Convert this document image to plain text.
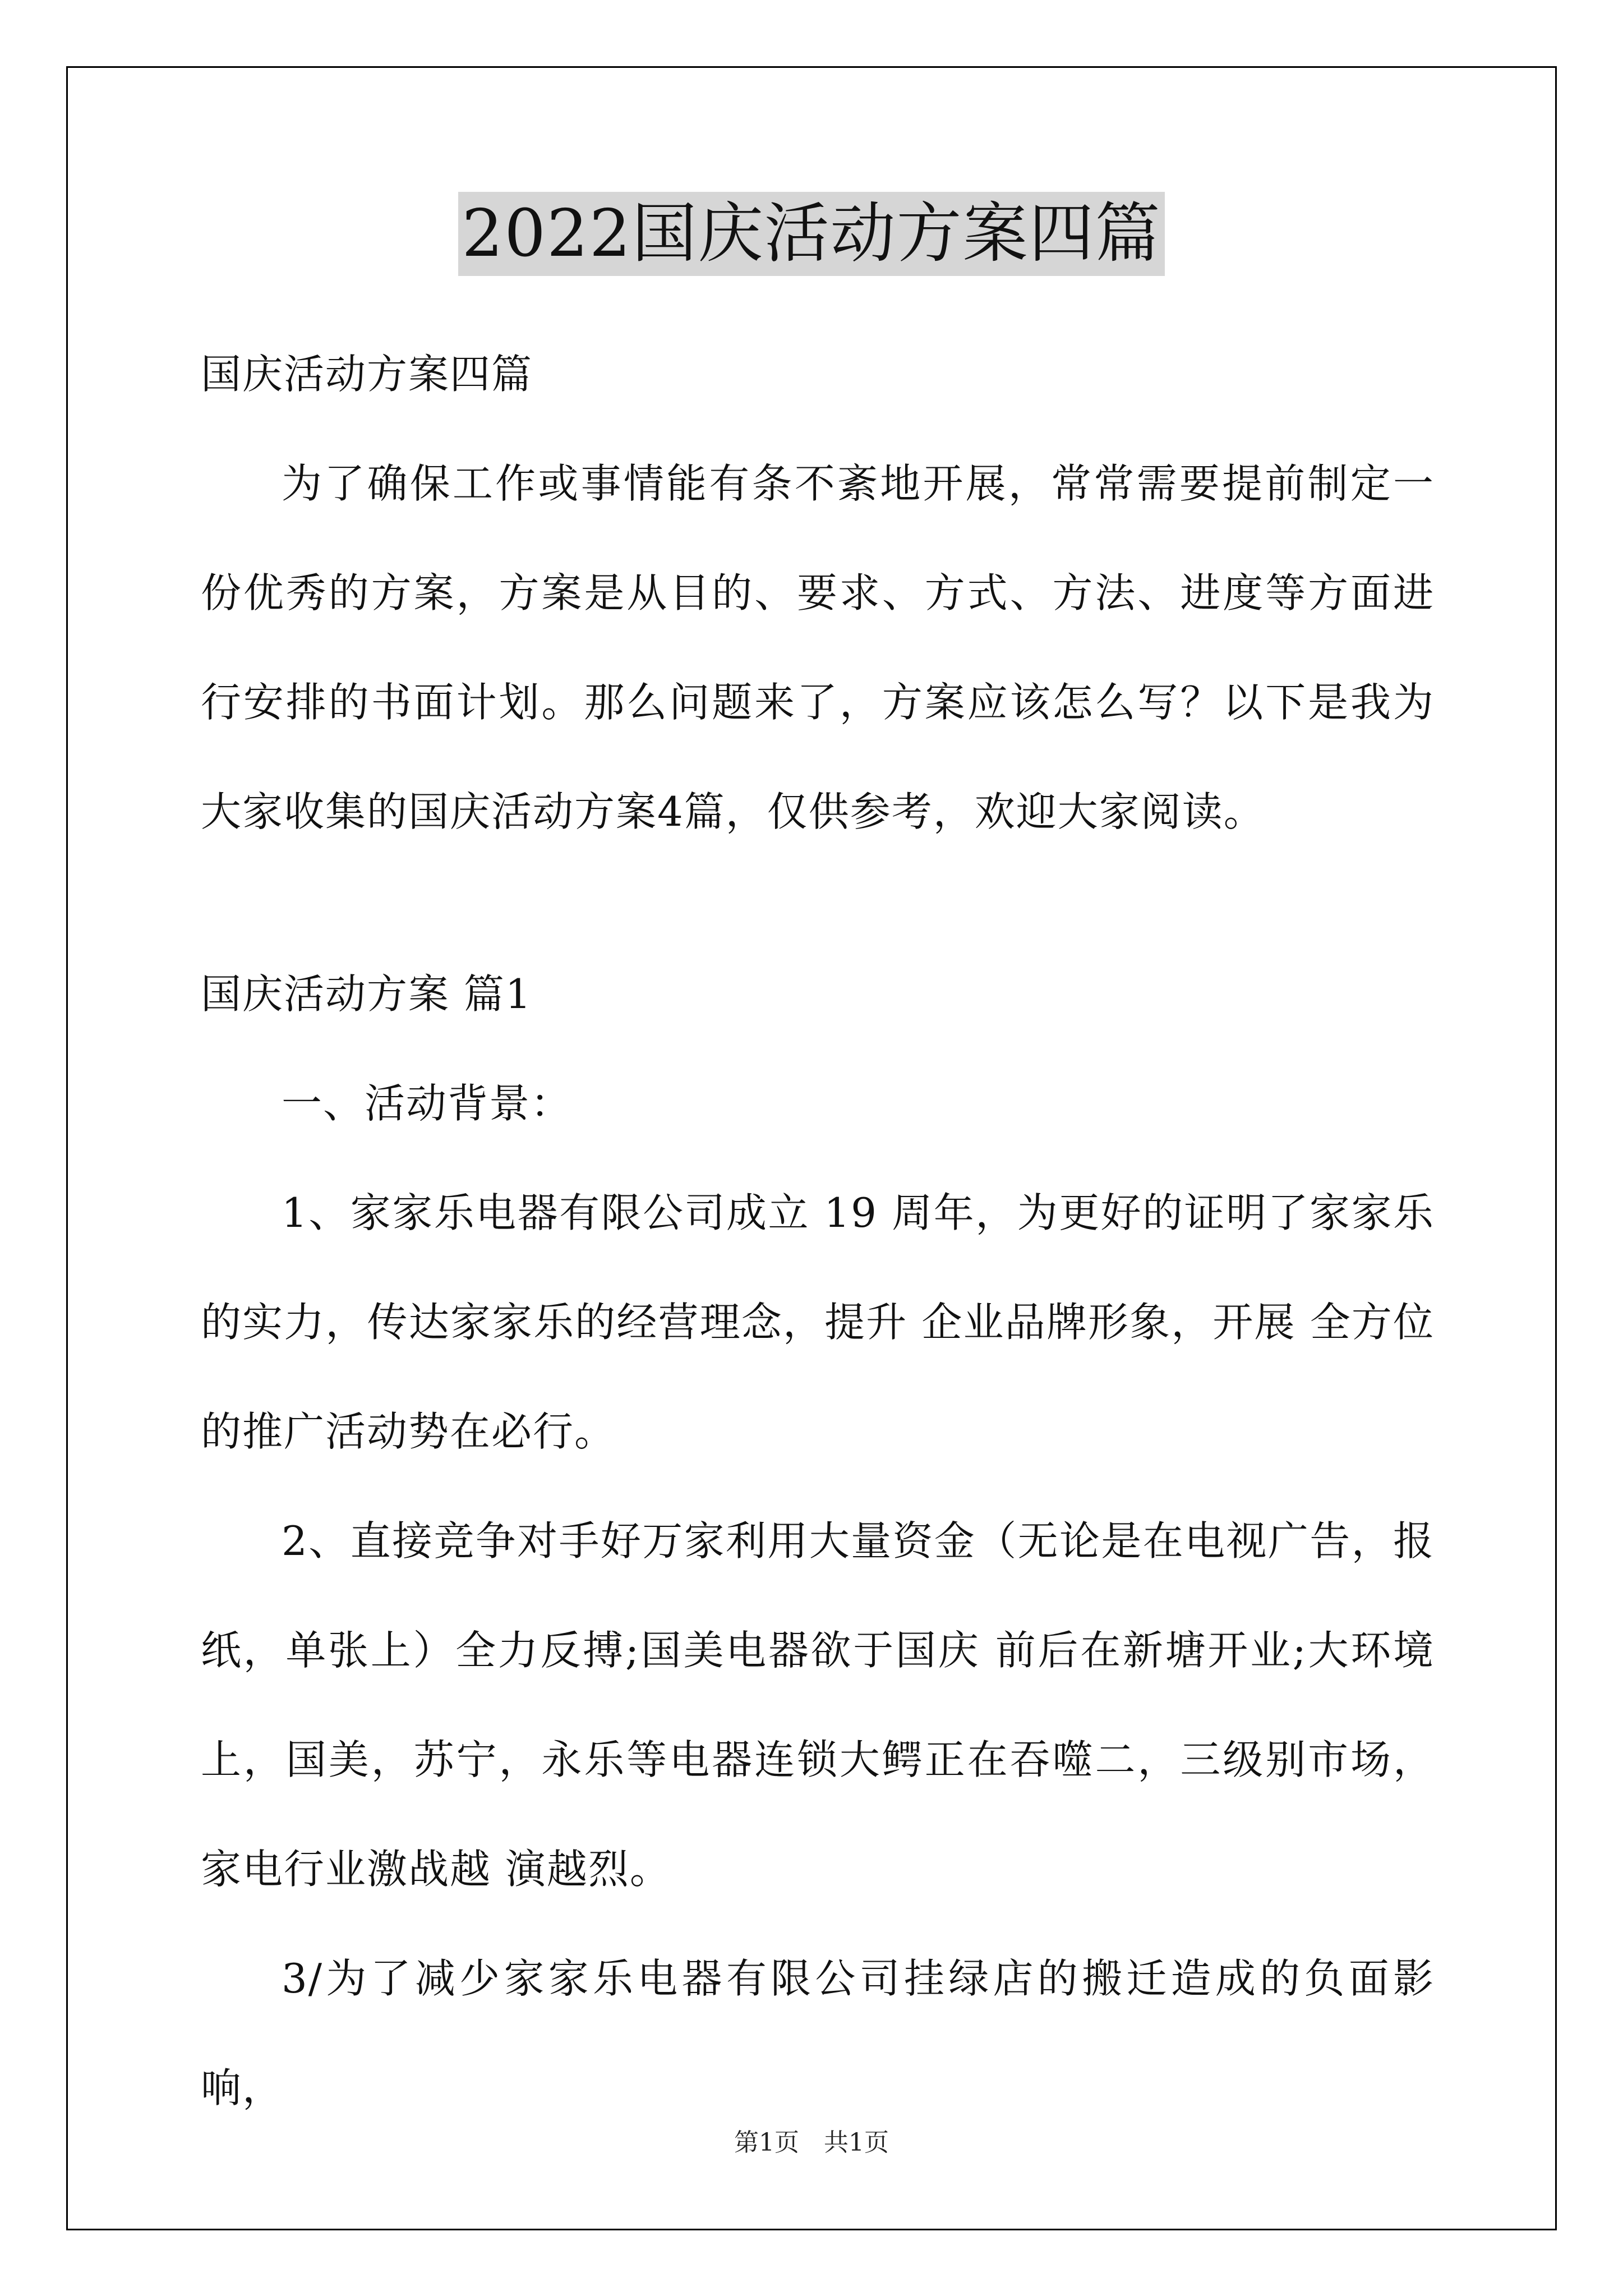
2022国庆活动方案四篇

国庆活动方案四篇

为了确保工作或事情能有条不紊地开展，常常需要提前制定一份优秀的方案，方案是从目的、要求、方式、方法、进度等方面进行安排的书面计划。那么问题来了，方案应该怎么写？以下是我为大家收集的国庆活动方案4篇，仅供参考，欢迎大家阅读。

国庆活动方案 篇1

一、活动背景：

1、家家乐电器有限公司成立 19 周年，为更好的证明了家家乐的实力，传达家家乐的经营理念，提升 企业品牌形象，开展 全方位的推广活动势在必行。

2、直接竞争对手好万家利用大量资金（无论是在电视广告，报纸，单张上）全力反搏;国美电器欲于国庆 前后在新塘开业;大环境上，国美，苏宁，永乐等电器连锁大鳄正在吞噬二，三级别市场，家电行业激战越 演越烈。

3/为了减少家家乐电器有限公司挂绿店的搬迁造成的负面影响，

第1页　共1页
